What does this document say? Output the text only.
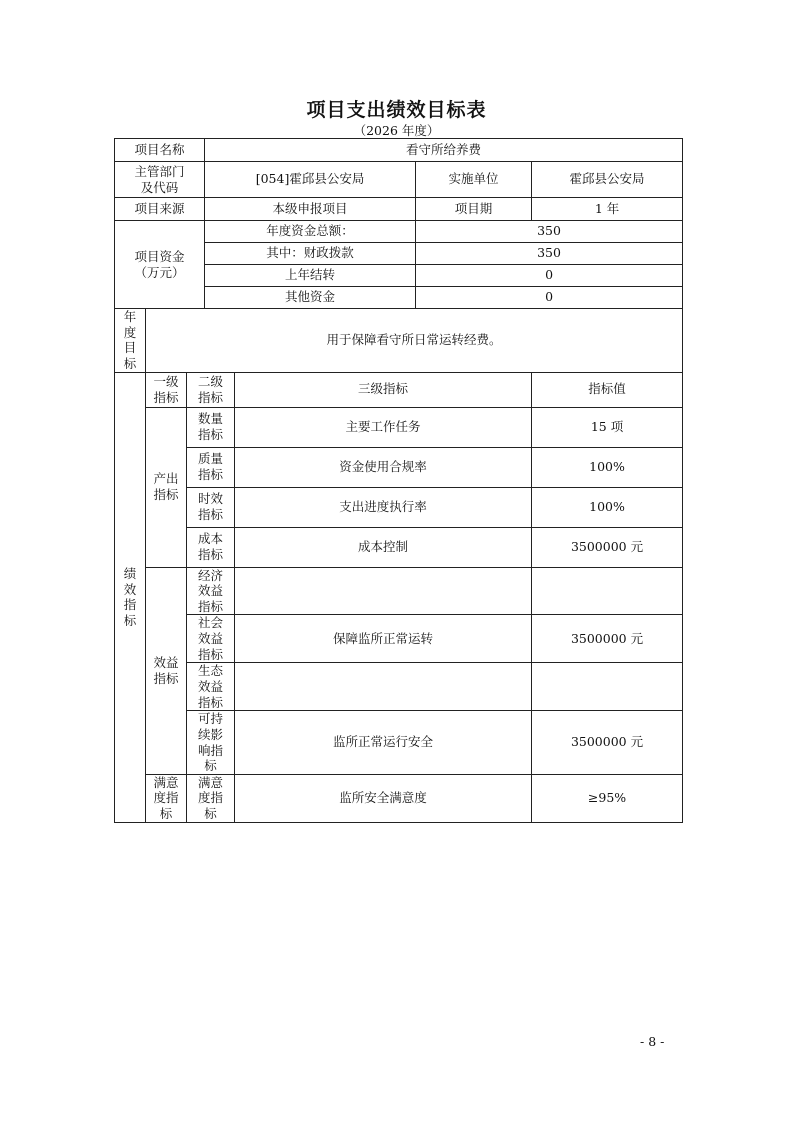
项目支出绩效目标表
（2026 年度）
项目名称			看守所给养费			
主管部门及代码			[054]霍邱县公安局		实施单位	霍邱县公安局
项目来源			本级申报项目		项目期	1 年
项目资金（万元）			年度资金总额：		350	
			其中：财政拨款		350	
			上年结转		0	
			其他资金		0	
年度目标	用于保障看守所日常运转经费。					
绩效指标	一级指标	二级指标		三级指标		指标值
	产出指标	数量指标		主要工作任务		15 项
		质量指标		资金使用合规率		100%
		时效指标		支出进度执行率		100%
		成本指标		成本控制		3500000 元
	效益指标	经济效益指标				
		社会效益指标		保障监所正常运转		3500000 元
		生态效益指标				
		可持续影响指标		监所正常运行安全		3500000 元
	满意度指标	满意度指标		监所安全满意度		≥95%
- 8 -
